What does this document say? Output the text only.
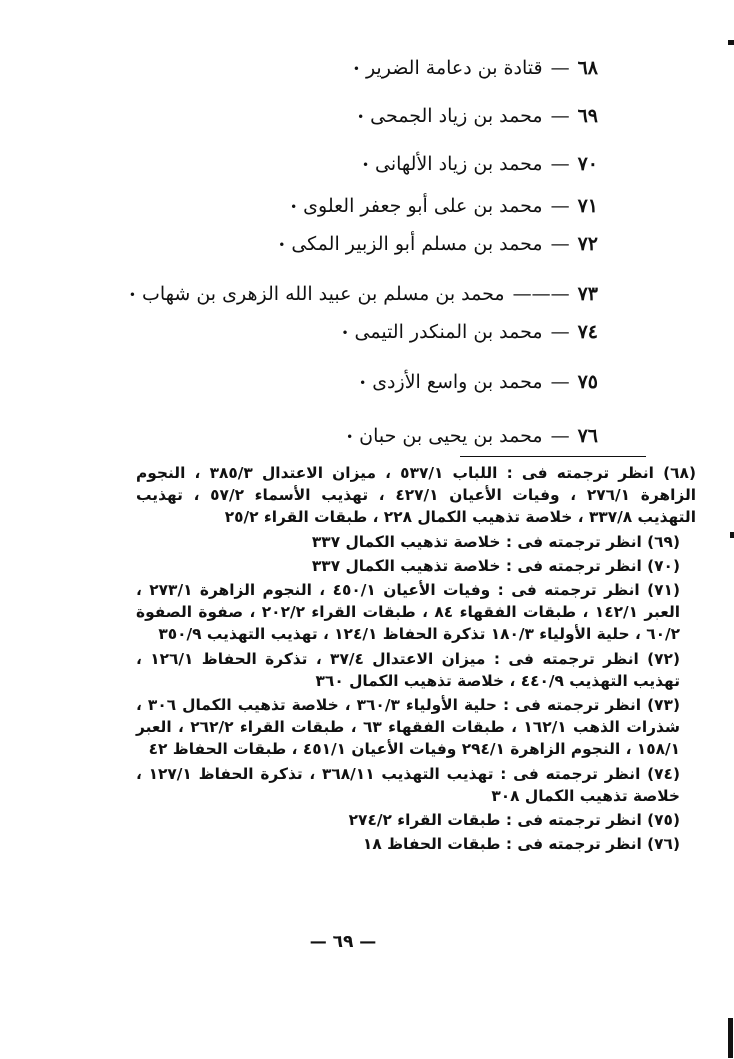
٦٨—قتادة بن دعامة الضرير•
٦٩—محمد بن زياد الجمحى•
٧٠—محمد بن زياد الألهانى•
٧١—محمد بن على أبو جعفر العلوى•
٧٢—محمد بن مسلم أبو الزبير المكى•
٧٣———محمد بن مسلم بن عبيد الله الزهرى بن شهاب•
٧٤—محمد بن المنكدر التيمى•
٧٥—محمد بن واسع الأزدى•
٧٦—محمد بن يحيى بن حبان•

(٦٨) انظر ترجمته فى : اللباب ٥٣٧/١ ، ميزان الاعتدال ٣٨٥/٣ ، النجوم الزاهرة ٢٧٦/١ ، وفيات الأعيان ٤٢٧/١ ، تهذيب الأسماء ٥٧/٢ ، تهذيب التهذيب ٣٣٧/٨ ، خلاصة تذهيب الكمال ٢٢٨ ، طبقات القراء ٢٥/٢

(٦٩) انظر ترجمته فى : خلاصة تذهيب الكمال ٣٣٧

(٧٠) انظر ترجمته فى : خلاصة تذهيب الكمال ٣٣٧

(٧١) انظر ترجمته فى : وفيات الأعيان ٤٥٠/١ ، النجوم الزاهرة ٢٧٣/١ ، العبر ١٤٢/١ ، طبقات الفقهاء ٨٤ ، طبقات القراء ٢٠٢/٢ ، صفوة الصفوة ٦٠/٢ ، حلية الأولياء ١٨٠/٣ تذكرة الحفاظ ١٢٤/١ ، تهذيب التهذيب ٣٥٠/٩

(٧٢) انظر ترجمته فى : ميزان الاعتدال ٣٧/٤ ، تذكرة الحفاظ ١٢٦/١ ، تهذيب التهذيب ٤٤٠/٩ ، خلاصة تذهيب الكمال ٣٦٠

(٧٣) انظر ترجمته فى : حلية الأولياء ٣٦٠/٣ ، خلاصة تذهيب الكمال ٣٠٦ ، شذرات الذهب ١٦٢/١ ، طبقات الفقهاء ٦٣ ، طبقات القراء ٢٦٢/٢ ، العبر ١٥٨/١ ، النجوم الزاهرة ٢٩٤/١ وفيات الأعيان ٤٥١/١ ، طبقات الحفاظ ٤٢

(٧٤) انظر ترجمته فى : تهذيب التهذيب ٣٦٨/١١ ، تذكرة الحفاظ ١٢٧/١ ، خلاصة تذهيب الكمال ٣٠٨

(٧٥) انظر ترجمته فى : طبقات القراء ٢٧٤/٢

(٧٦) انظر ترجمته فى : طبقات الحفاظ ١٨

— ٦٩ —
